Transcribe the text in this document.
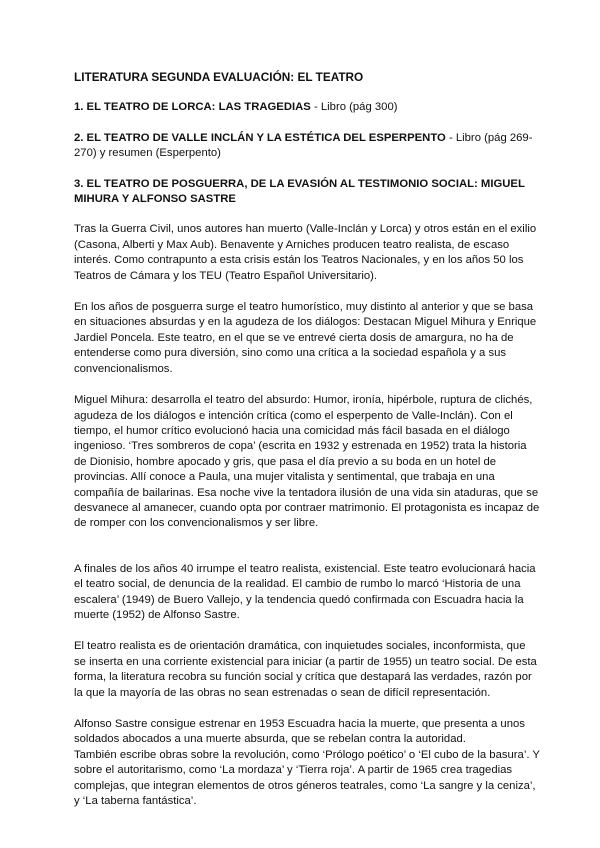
LITERATURA SEGUNDA EVALUACIÓN: EL TEATRO
1. EL TEATRO DE LORCA: LAS TRAGEDIAS - Libro (pág 300)
2. EL TEATRO DE VALLE INCLÁN Y LA ESTÉTICA DEL ESPERPENTO - Libro (pág 269-270) y resumen (Esperpento)
3. EL TEATRO DE POSGUERRA, DE LA EVASIÓN AL TESTIMONIO SOCIAL: MIGUEL MIHURA Y ALFONSO SASTRE

Tras la Guerra Civil, unos autores han muerto (Valle-Inclán y Lorca) y otros están en el exilio (Casona, Alberti y Max Aub). Benavente y Arniches producen teatro realista, de escaso interés. Como contrapunto a esta crisis están los Teatros Nacionales, y en los años 50 los Teatros de Cámara y los TEU (Teatro Español Universitario).

En los años de posguerra surge el teatro humorístico, muy distinto al anterior y que se basa en situaciones absurdas y en la agudeza de los diálogos: Destacan Miguel Mihura y Enrique Jardiel Poncela. Este teatro, en el que se ve entrevé cierta dosis de amargura, no ha de entenderse como pura diversión, sino como una crítica a la sociedad española y a sus convencionalismos.

Miguel Mihura: desarrolla el teatro del absurdo: Humor, ironía, hipérbole, ruptura de clichés, agudeza de los diálogos e intención crítica (como el esperpento de Valle-Inclán). Con el tiempo, el humor crítico evolucionó hacia una comicidad más fácil basada en el diálogo ingenioso. ‘Tres sombreros de copa’ (escrita en 1932 y estrenada en 1952) trata la historia de Dionisio, hombre apocado y gris, que pasa el día previo a su boda en un hotel de provincias. Allí conoce a Paula, una mujer vitalista y sentimental, que trabaja en una compañía de bailarinas. Esa noche vive la tentadora ilusión de una vida sin ataduras, que se desvanece al amanecer, cuando opta por contraer matrimonio. El protagonista es incapaz de de romper con los convencionalismos y ser libre.

A finales de los años 40 irrumpe el teatro realista, existencial. Este teatro evolucionará hacia el teatro social, de denuncia de la realidad. El cambio de rumbo lo marcó ‘Historia de una escalera’ (1949) de Buero Vallejo, y la tendencia quedó confirmada con Escuadra hacia la muerte (1952) de Alfonso Sastre.

El teatro realista es de orientación dramática, con inquietudes sociales, inconformista, que se inserta en una corriente existencial para iniciar (a partir de 1955) un teatro social. De esta forma, la literatura recobra su función social y crítica que destapará las verdades, razón por la que la mayoría de las obras no sean estrenadas o sean de difícil representación.

Alfonso Sastre consigue estrenar en 1953 Escuadra hacia la muerte, que presenta a unos soldados abocados a una muerte absurda, que se rebelan contra la autoridad.
También escribe obras sobre la revolución, como ‘Prólogo poético’ o ‘El cubo de la basura’. Y sobre el autoritarismo, como ‘La mordaza’ y ‘Tierra roja’. A partir de 1965 crea tragedias complejas, que integran elementos de otros géneros teatrales, como ‘La sangre y la ceniza’, y ‘La taberna fantástica’.
